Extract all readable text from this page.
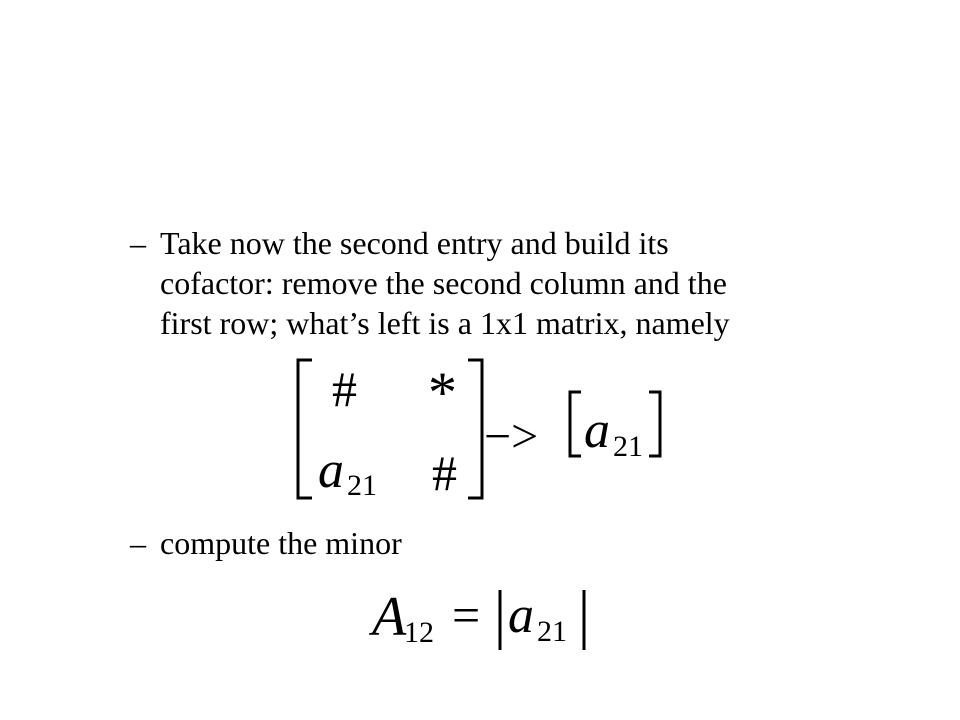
– Take now the second entry and build its
cofactor: remove the second column and the
first row; what’s left is a 1x1 matrix, namely
# *
a 21 #
−> a 21
– compute the minor
A
12 = a 21
